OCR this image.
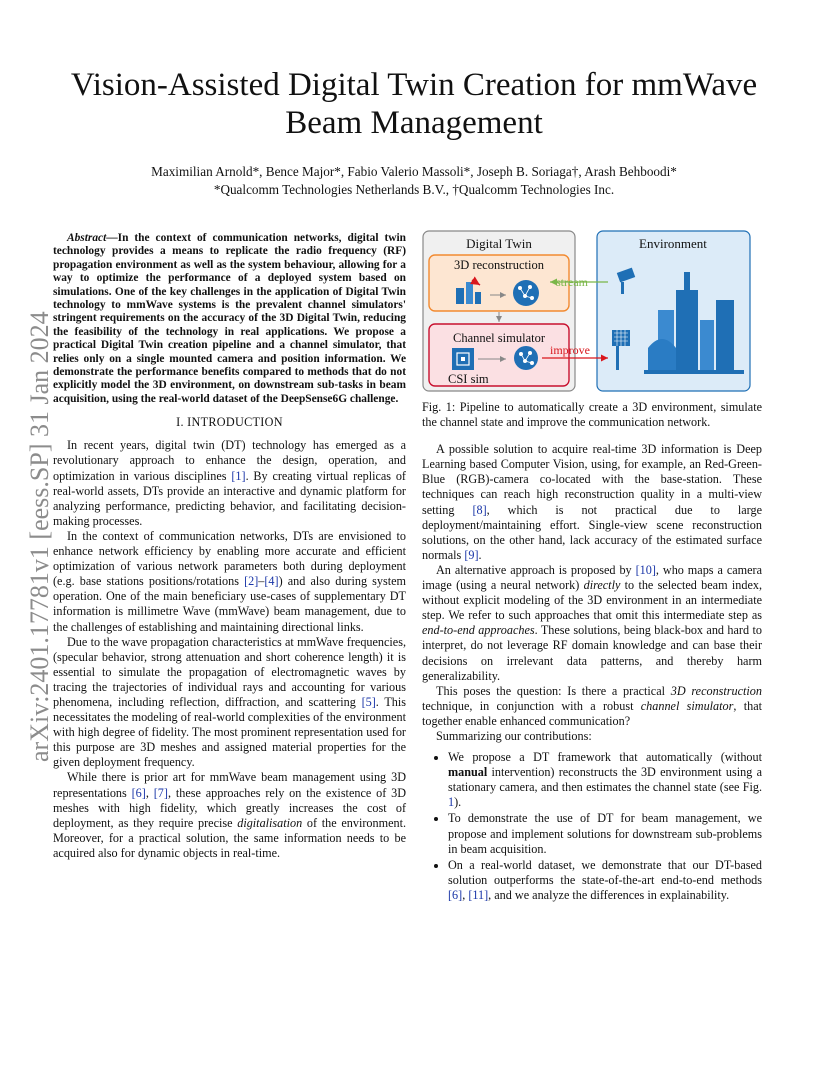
arXiv:2401.17781v1 [eess.SP] 31 Jan 2024
Vision-Assisted Digital Twin Creation for mmWave
Beam Management
Maximilian Arnold*, Bence Major*, Fabio Valerio Massoli*, Joseph B. Soriaga†, Arash Behboodi*
*Qualcomm Technologies Netherlands B.V., †Qualcomm Technologies Inc.

Abstract—In the context of communication networks, digital twin technology provides a means to replicate the radio frequency (RF) propagation environment as well as the system behaviour, allowing for a way to optimize the performance of a deployed system based on simulations. One of the key challenges in the application of Digital Twin technology to mmWave systems is the prevalent channel simulators' stringent requirements on the accuracy of the 3D Digital Twin, reducing the feasibility of the technology in real applications. We propose a practical Digital Twin creation pipeline and a channel simulator, that relies only on a single mounted camera and position information. We demonstrate the performance benefits compared to methods that do not explicitly model the 3D environment, on downstream sub-tasks in beam acquisition, using the real-world dataset of the DeepSense6G challenge.

I. INTRODUCTION

In recent years, digital twin (DT) technology has emerged as a revolutionary approach to enhance the design, operation, and optimization in various disciplines [1]. By creating virtual replicas of real-world assets, DTs provide an interactive and dynamic platform for analyzing performance, predicting behavior, and facilitating decision-making processes.

In the context of communication networks, DTs are envisioned to enhance network efficiency by enabling more accurate and efficient optimization of various network parameters both during deployment (e.g. base stations positions/rotations [2]–[4]) and also during system operation. One of the main beneficiary use-cases of supplementary DT information is millimetre Wave (mmWave) beam management, due to the challenges of establishing and maintaining directional links.

Due to the wave propagation characteristics at mmWave frequencies, (specular behavior, strong attenuation and short coherence length) it is essential to simulate the propagation of electromagnetic waves by tracing the trajectories of individual rays and accounting for various phenomena, including reflection, diffraction, and scattering [5]. This necessitates the modeling of real-world complexities of the environment with high degree of fidelity. The most prominent representation used for this purpose are 3D meshes and assigned material properties for the given deployment frequency.

While there is prior art for mmWave beam management using 3D representations [6], [7], these approaches rely on the existence of 3D meshes with high fidelity, which greatly increases the cost of deployment, as they require precise digitalisation of the environment. Moreover, for a practical solution, the same information needs to be acquired also for dynamic objects in real-time.

Digital Twin
3D reconstruction
Channel simulator
CSI sim
Environment
stream
improve

Fig. 1: Pipeline to automatically create a 3D environment, simulate the channel state and improve the communication network.

A possible solution to acquire real-time 3D information is Deep Learning based Computer Vision, using, for example, an Red-Green-Blue (RGB)-camera co-located with the base-station. These techniques can reach high reconstruction quality in a multi-view setting [8], which is not practical due to large deployment/maintaining effort. Single-view scene reconstruction solutions, on the other hand, lack accuracy of the estimated surface normals [9].

An alternative approach is proposed by [10], who maps a camera image (using a neural network) directly to the selected beam index, without explicit modeling of the 3D environment in an intermediate step. We refer to such approaches that omit this intermediate step as end-to-end approaches. These solutions, being black-box and hard to interpret, do not leverage RF domain knowledge and can base their decisions on irrelevant data patterns, and thereby harm generalizability.

This poses the question: Is there a practical 3D reconstruction technique, in conjunction with a robust channel simulator, that together enable enhanced communication?

Summarizing our contributions:

• We propose a DT framework that automatically (without manual intervention) reconstructs the 3D environment using a stationary camera, and then estimates the channel state (see Fig. 1).
• To demonstrate the use of DT for beam management, we propose and implement solutions for downstream sub-problems in beam acquisition.
• On a real-world dataset, we demonstrate that our DT-based solution outperforms the state-of-the-art end-to-end methods [6], [11], and we analyze the differences in explainability.
